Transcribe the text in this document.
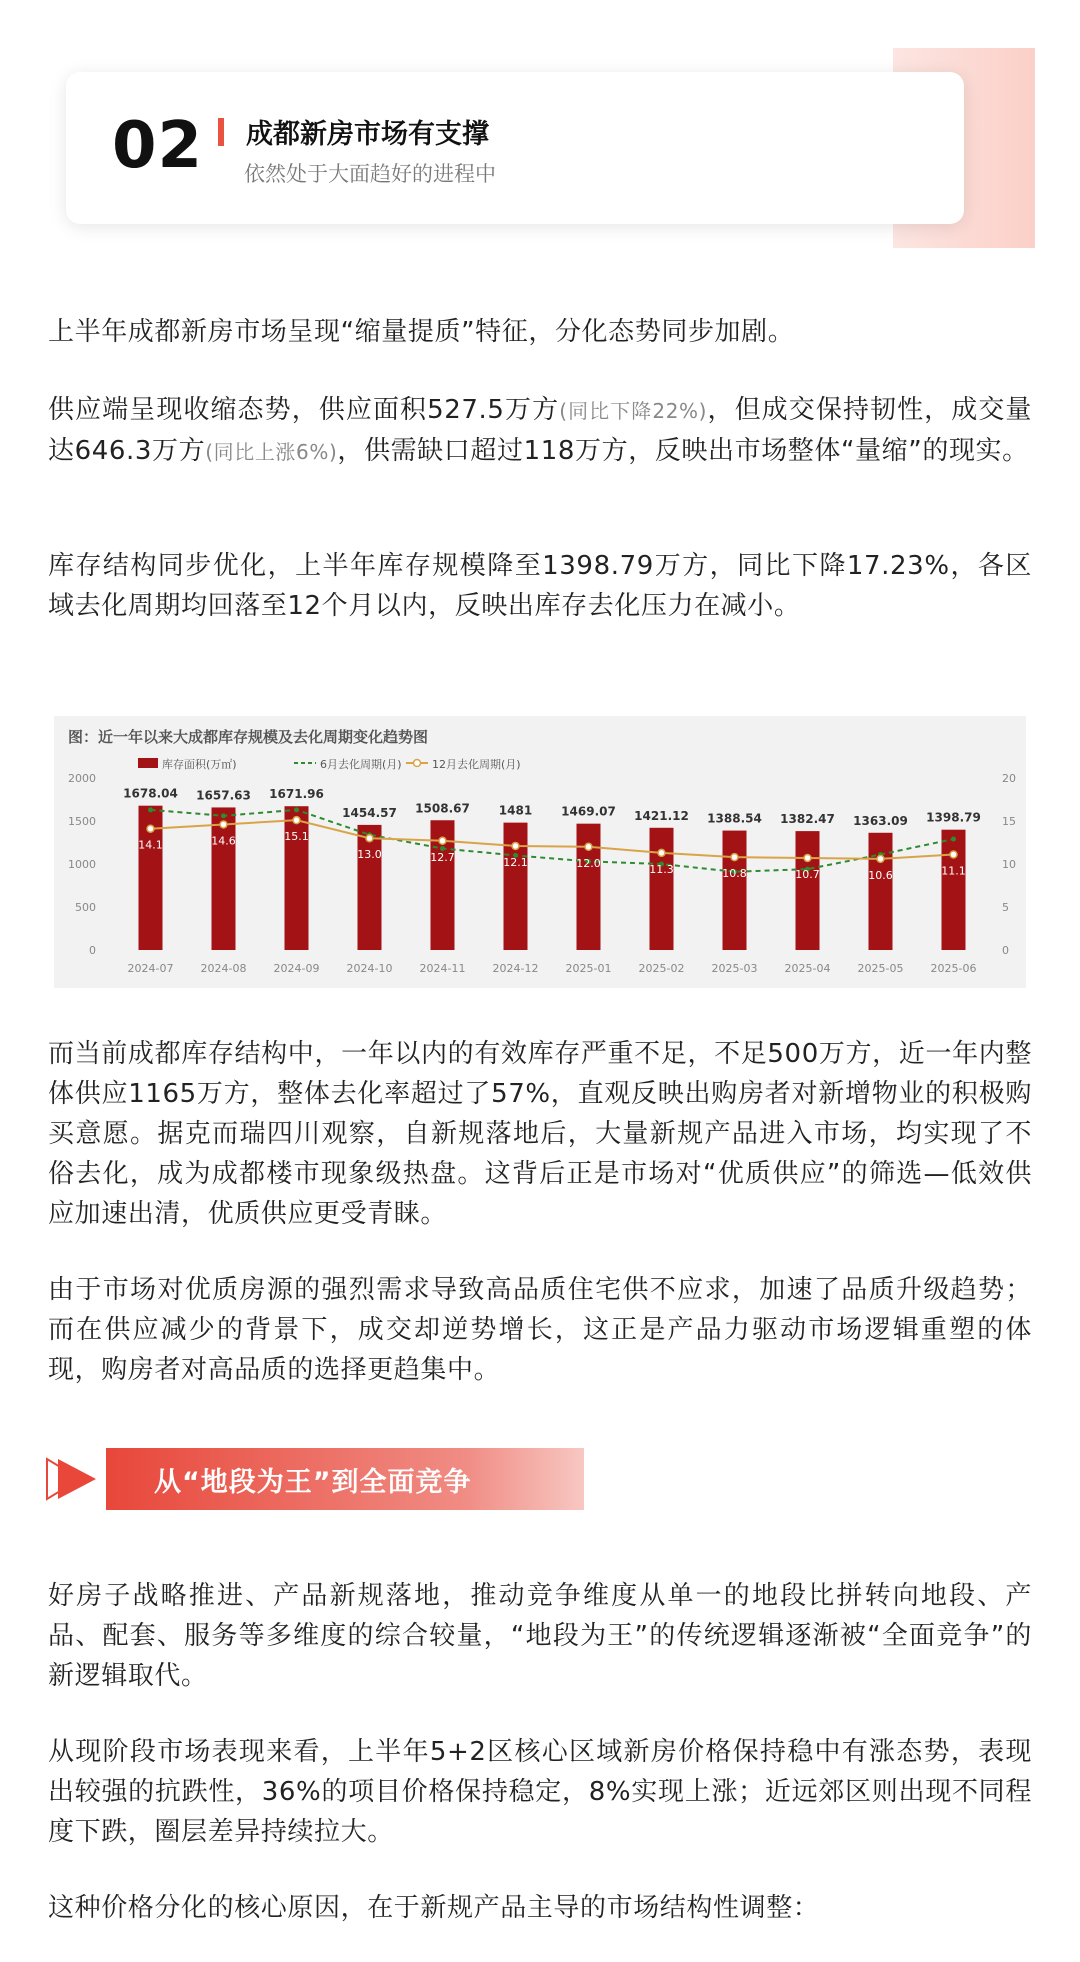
02 成都新房市场有支撑
依然处于大面趋好的进程中

上半年成都新房市场呈现“缩量提质”特征，分化态势同步加剧。

供应端呈现收缩态势，供应面积527.5万方(同比下降22%)，但成交保持韧性，成交量达646.3万方(同比上涨6%)，供需缺口超过118万方，反映出市场整体“量缩”的现实。

库存结构同步优化，上半年库存规模降至1398.79万方，同比下降17.23%，各区域去化周期均回落至12个月以内，反映出库存去化压力在减小。

图：近一年以来大成都库存规模及去化周期变化趋势图
库存面积(万㎡)	6月去化周期(月)	12月去化周期(月)
0
500
1000
1500
2000
0
5
10
15
20
2024-07 2024-08 2024-09 2024-10 2024-11 2024-12 2025-01 2025-02 2025-03 2025-04 2025-05 2025-06
1678.04 1657.63 1671.96
1454.57 1508.67 1481 1469.07 1421.12 1388.54 1382.47 1363.09 1398.79
14.1	14.6	15.1
13.0	12.7	12.1	12.0	11.3	10.8	10.7	10.6	11.1

而当前成都库存结构中，一年以内的有效库存严重不足，不足500万方，近一年内整体供应1165万方，整体去化率超过了57%，直观反映出购房者对新增物业的积极购买意愿。据克而瑞四川观察，自新规落地后，大量新规产品进入市场，均实现了不俗去化，成为成都楼市现象级热盘。这背后正是市场对“优质供应”的筛选—低效供应加速出清，优质供应更受青睐。

由于市场对优质房源的强烈需求导致高品质住宅供不应求，加速了品质升级趋势；而在供应减少的背景下，成交却逆势增长，这正是产品力驱动市场逻辑重塑的体现，购房者对高品质的选择更趋集中。

从“地段为王”到全面竞争

好房子战略推进、产品新规落地，推动竞争维度从单一的地段比拼转向地段、产品、配套、服务等多维度的综合较量，“地段为王”的传统逻辑逐渐被“全面竞争”的新逻辑取代。

从现阶段市场表现来看，上半年5+2区核心区域新房价格保持稳中有涨态势，表现出较强的抗跌性，36%的项目价格保持稳定，8%实现上涨；近远郊区则出现不同程度下跌，圈层差异持续拉大。

这种价格分化的核心原因，在于新规产品主导的市场结构性调整：
